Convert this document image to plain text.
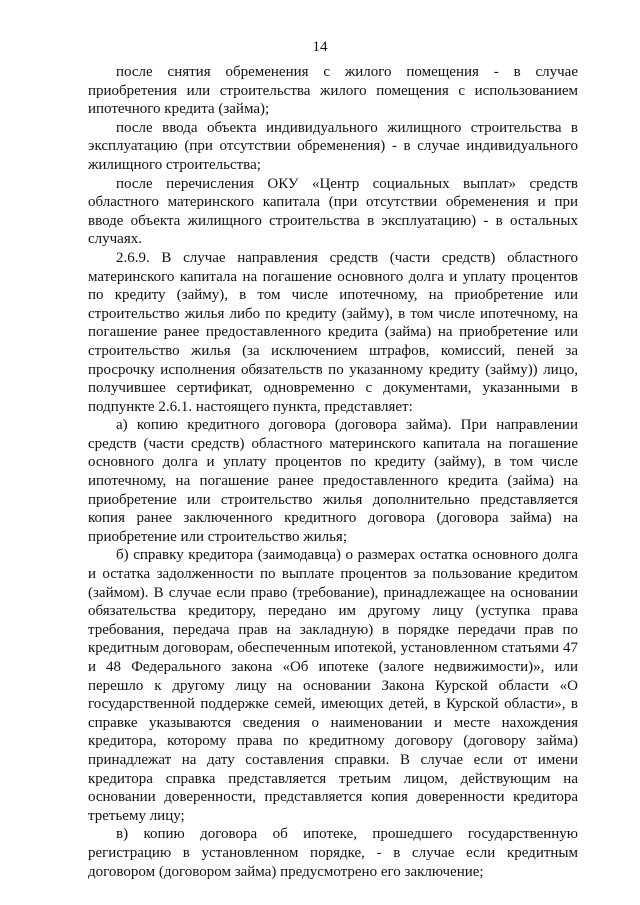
14

после снятия обременения с жилого помещения - в случае приобретения или строительства жилого помещения с использованием ипотечного кредита (займа);

после ввода объекта индивидуального жилищного строительства в эксплуатацию (при отсутствии обременения) - в случае индивидуального жилищного строительства;

после перечисления ОКУ «Центр социальных выплат» средств областного материнского капитала (при отсутствии обременения и при вводе объекта жилищного строительства в эксплуатацию) - в остальных случаях.

2.6.9. В случае направления средств (части средств) областного материнского капитала на погашение основного долга и уплату процентов по кредиту (займу), в том числе ипотечному, на приобретение или строительство жилья либо по кредиту (займу), в том числе ипотечному, на погашение ранее предоставленного кредита (займа) на приобретение или строительство жилья (за исключением штрафов, комиссий, пеней за просрочку исполнения обязательств по указанному кредиту (займу)) лицо, получившее сертификат, одновременно с документами, указанными в подпункте 2.6.1. настоящего пункта, представляет:

а) копию кредитного договора (договора займа). При направлении средств (части средств) областного материнского капитала на погашение основного долга и уплату процентов по кредиту (займу), в том числе ипотечному, на погашение ранее предоставленного кредита (займа) на приобретение или строительство жилья дополнительно представляется копия ранее заключенного кредитного договора (договора займа) на приобретение или строительство жилья;

б) справку кредитора (заимодавца) о размерах остатка основного долга и остатка задолженности по выплате процентов за пользование кредитом (займом). В случае если право (требование), принадлежащее на основании обязательства кредитору, передано им другому лицу (уступка права требования, передача прав на закладную) в порядке передачи прав по кредитным договорам, обеспеченным ипотекой, установленном статьями 47 и 48 Федерального закона «Об ипотеке (залоге недвижимости)», или перешло к другому лицу на основании Закона Курской области «О государственной поддержке семей, имеющих детей, в Курской области», в справке указываются сведения о наименовании и месте нахождения кредитора, которому права по кредитному договору (договору займа) принадлежат на дату составления справки. В случае если от имени кредитора справка представляется третьим лицом, действующим на основании доверенности, представляется копия доверенности кредитора третьему лицу;

в) копию договора об ипотеке, прошедшего государственную регистрацию в установленном порядке, - в случае если кредитным договором (договором займа) предусмотрено его заключение;
